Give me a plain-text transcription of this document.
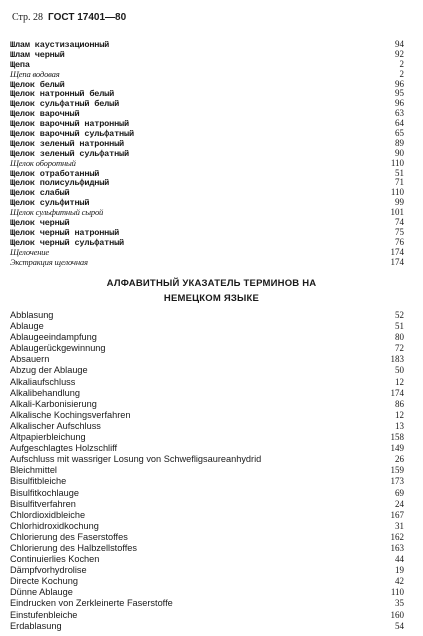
Стр. 28 ГОСТ 17401—80
Шлам каустизационный	94
Шлам черный	92
Щепа	2
Щепа водовая	2
Щелок белый	96
Щелок натронный белый	95
Щелок сульфатный белый	96
Щелок варочный	63
Щелок варочный натронный	64
Щелок варочный сульфатный	65
Щелок зеленый натронный	89
Щелок зеленый сульфатный	90
Щелок оборотный	110
Щелок отработанный	51
Щелок полисульфидный	71
Щелок слабый	110
Щелок сульфитный	99
Щелок сульфитный сырой	101
Щелок черный	74
Щелок черный натронный	75
Щелок черный сульфатный	76
Щелочение	174
Экстракция щелочная	174
АЛФАВИТНЫЙ УКАЗАТЕЛЬ ТЕРМИНОВ НА
НЕМЕЦКОМ ЯЗЫКЕ
Abblasung	52
Ablauge	51
Ablaugeeindampfung	80
Ablaugerückgewinnung	72
Absauern	183
Abzug der Ablauge	50
Alkaliaufschluss	12
Alkalibehandlung	174
Alkali-Karbonisierung	86
Alkalische Kochingsverfahren	12
Alkalischer Aufschluss	13
Altpapierbleichung	158
Aufgeschlagtes Holzschliff	149
Aufschluss mit wassriger Losung von Schwefligsaureanhydrid	26
Bleichmittel	159
Bisulfitbleiche	173
Bisulfitkochlauge	69
Bisulfitverfahren	24
Chlordioxidbleiche	167
Chlorhidroxidkochung	31
Chlorierung des Faserstoffes	162
Chlorierung des Halbzellstoffes	163
Continuierlies Kochen	44
Dämpfvorhydrolise	19
Directe Kochung	42
Dünne Ablauge	110
Eindrucken von Zerkleinerte Faserstoffe	35
Einstufenbleiche	160
Erdablasung	54
